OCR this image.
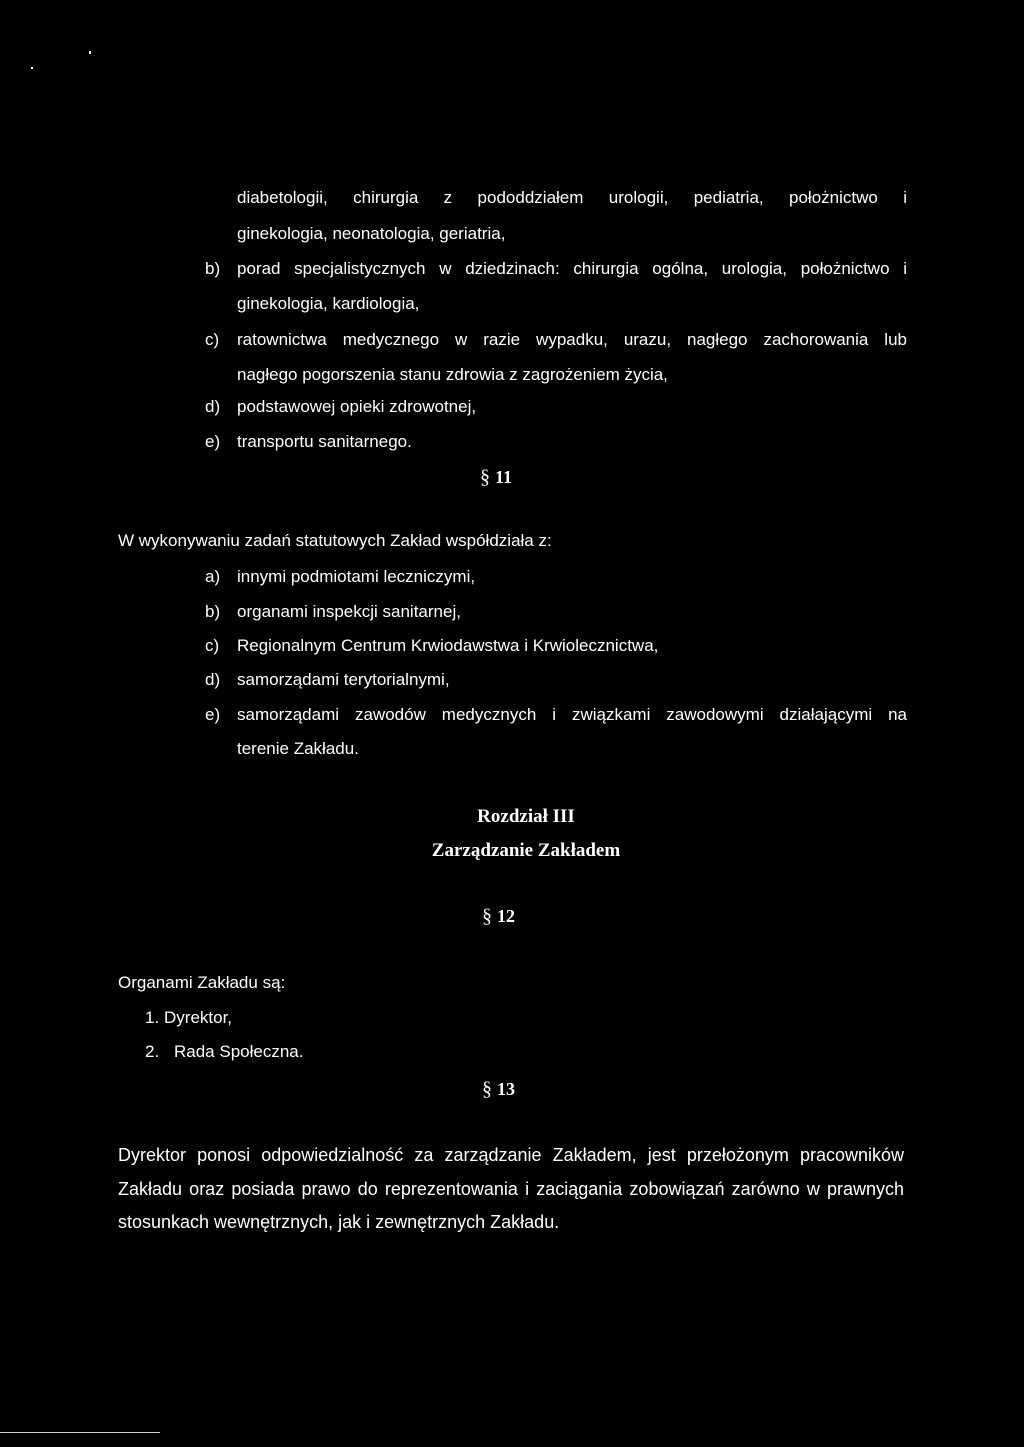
diabetologii, chirurgia z pododdziałem urologii, pediatria, położnictwo i
ginekologia, neonatologia, geriatria,
b) porad specjalistycznych w dziedzinach: chirurgia ogólna, urologia, położnictwo i
ginekologia, kardiologia,
c) ratownictwa medycznego w razie wypadku, urazu, nagłego zachorowania lub
nagłego pogorszenia stanu zdrowia z zagrożeniem życia,
d) podstawowej opieki zdrowotnej,
e) transportu sanitarnego.
§ 11
W wykonywaniu zadań statutowych Zakład współdziała z:
a) innymi podmiotami leczniczymi,
b) organami inspekcji sanitarnej,
c) Regionalnym Centrum Krwiodawstwa i Krwiolecznictwa,
d) samorządami terytorialnymi,
e) samorządami zawodów medycznych i związkami zawodowymi działającymi na
terenie Zakładu.
Rozdział III
Zarządzanie Zakładem
§ 12
Organami Zakładu są:
1. Dyrektor,
2. Rada Społeczna.
§ 13
Dyrektor ponosi odpowiedzialność za zarządzanie Zakładem, jest przełożonym pracowników
Zakładu oraz posiada prawo do reprezentowania i zaciągania zobowiązań zarówno w prawnych
stosunkach wewnętrznych, jak i zewnętrznych Zakładu.
